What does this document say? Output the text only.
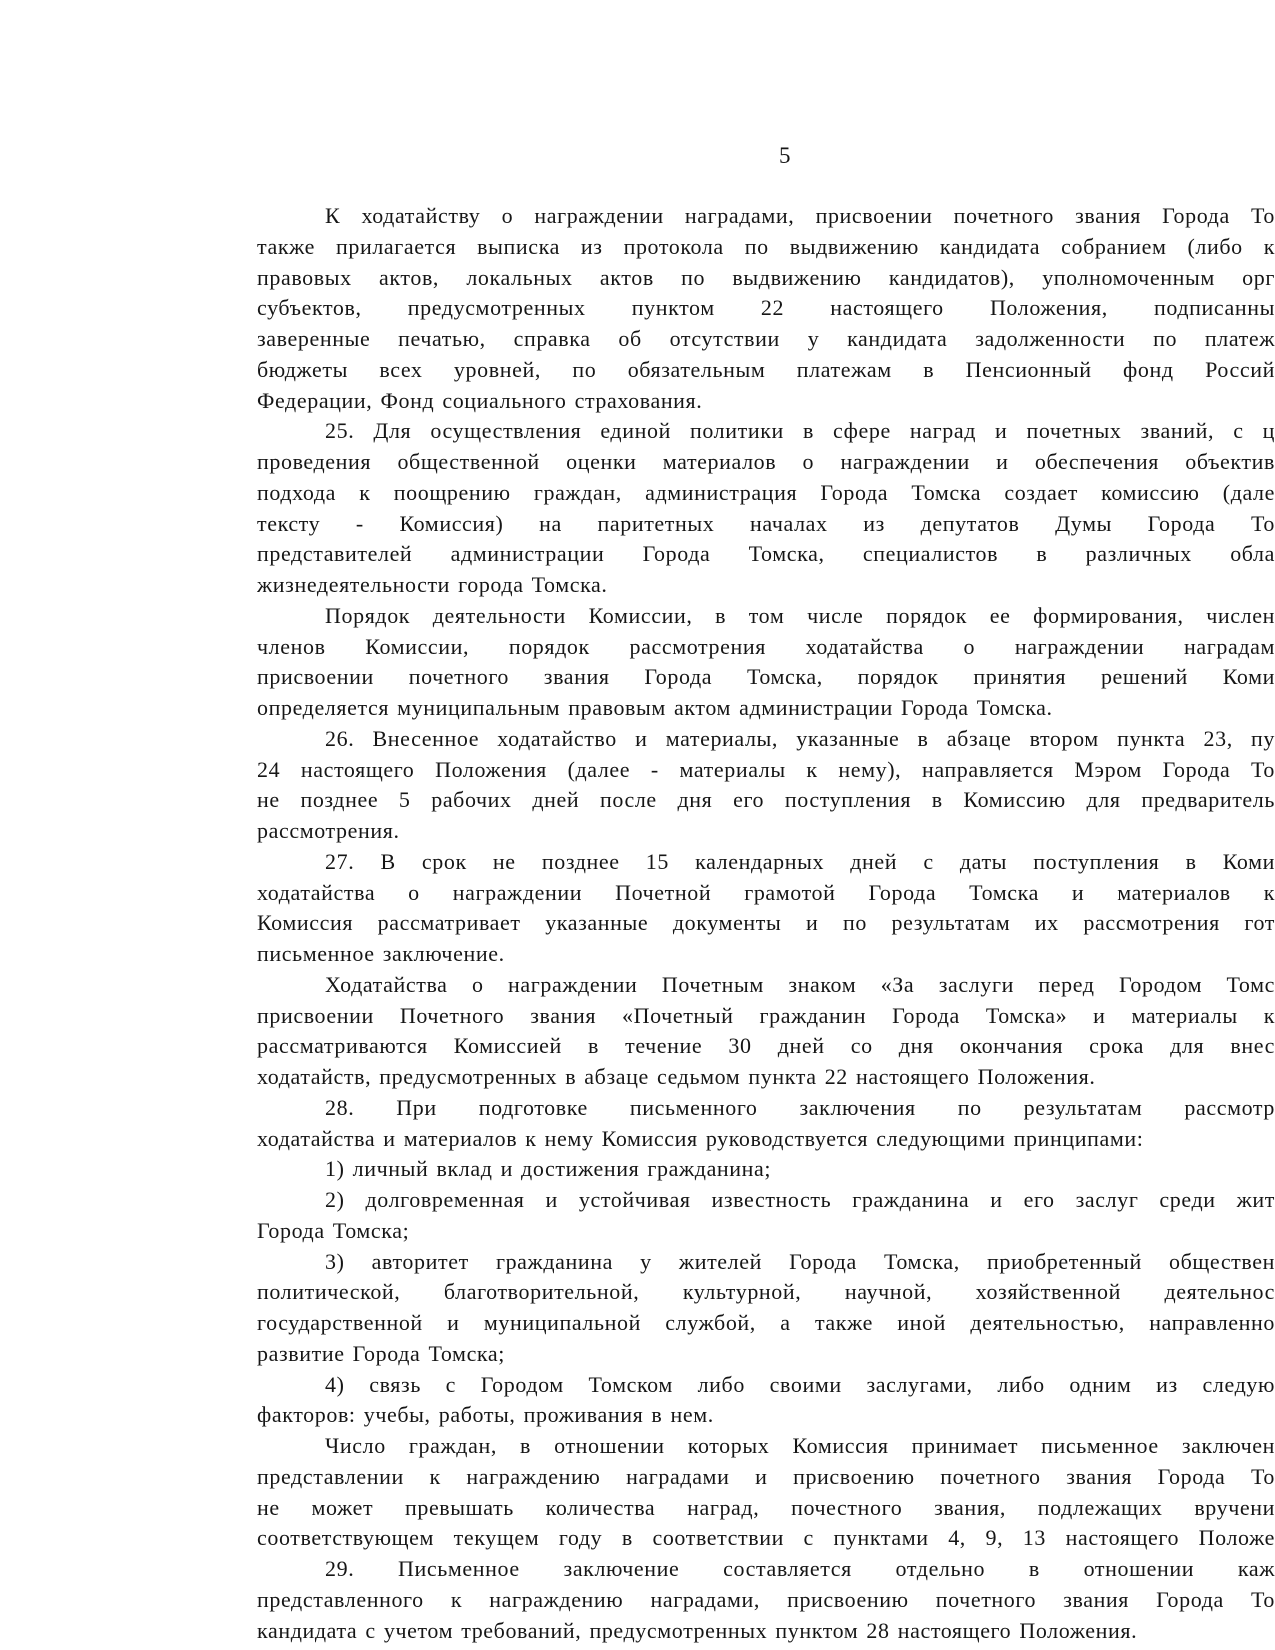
5
К ходатайству о награждении наградами, присвоении почетного звания Города То
также прилагается выписка из протокола по выдвижению кандидата собранием (либо к
правовых актов, локальных актов по выдвижению кандидатов), уполномоченным орг
субъектов, предусмотренных пунктом 22 настоящего Положения, подписанны
заверенные печатью, справка об отсутствии у кандидата задолженности по платеж
бюджеты всех уровней, по обязательным платежам в Пенсионный фонд Россий
Федерации, Фонд социального страхования.
25. Для осуществления единой политики в сфере наград и почетных званий, с ц
проведения общественной оценки материалов о награждении и обеспечения объектив
подхода к поощрению граждан, администрация Города Томска создает комиссию (дале
тексту - Комиссия) на паритетных началах из депутатов Думы Города То
представителей администрации Города Томска, специалистов в различных обла
жизнедеятельности города Томска.
Порядок деятельности Комиссии, в том числе порядок ее формирования, числен
членов Комиссии, порядок рассмотрения ходатайства о награждении наградам
присвоении почетного звания Города Томска, порядок принятия решений Коми
определяется муниципальным правовым актом администрации Города Томска.
26. Внесенное ходатайство и материалы, указанные в абзаце втором пункта 23, пу
24 настоящего Положения (далее - материалы к нему), направляется Мэром Города То
не позднее 5 рабочих дней после дня его поступления в Комиссию для предваритель
рассмотрения.
27. В срок не позднее 15 календарных дней с даты поступления в Коми
ходатайства о награждении Почетной грамотой Города Томска и материалов к
Комиссия рассматривает указанные документы и по результатам их рассмотрения гот
письменное заключение.
Ходатайства о награждении Почетным знаком «За заслуги перед Городом Томс
присвоении Почетного звания «Почетный гражданин Города Томска» и материалы к
рассматриваются Комиссией в течение 30 дней со дня окончания срока для внес
ходатайств, предусмотренных в абзаце седьмом пункта 22 настоящего Положения.
28. При подготовке письменного заключения по результатам рассмотр
ходатайства и материалов к нему Комиссия руководствуется следующими принципами:
1) личный вклад и достижения гражданина;
2) долговременная и устойчивая известность гражданина и его заслуг среди жит
Города Томска;
3) авторитет гражданина у жителей Города Томска, приобретенный обществен
политической, благотворительной, культурной, научной, хозяйственной деятельнос
государственной и муниципальной службой, а также иной деятельностью, направленно
развитие Города Томска;
4) связь с Городом Томском либо своими заслугами, либо одним из следую
факторов: учебы, работы, проживания в нем.
Число граждан, в отношении которых Комиссия принимает письменное заключен
представлении к награждению наградами и присвоению почетного звания Города То
не может превышать количества наград, почестного звания, подлежащих вручени
соответствующем текущем году в соответствии с пунктами 4, 9, 13 настоящего Положе
29. Письменное заключение составляется отдельно в отношении каж
представленного к награждению наградами, присвоению почетного звания Города То
кандидата с учетом требований, предусмотренных пунктом 28 настоящего Положения.
